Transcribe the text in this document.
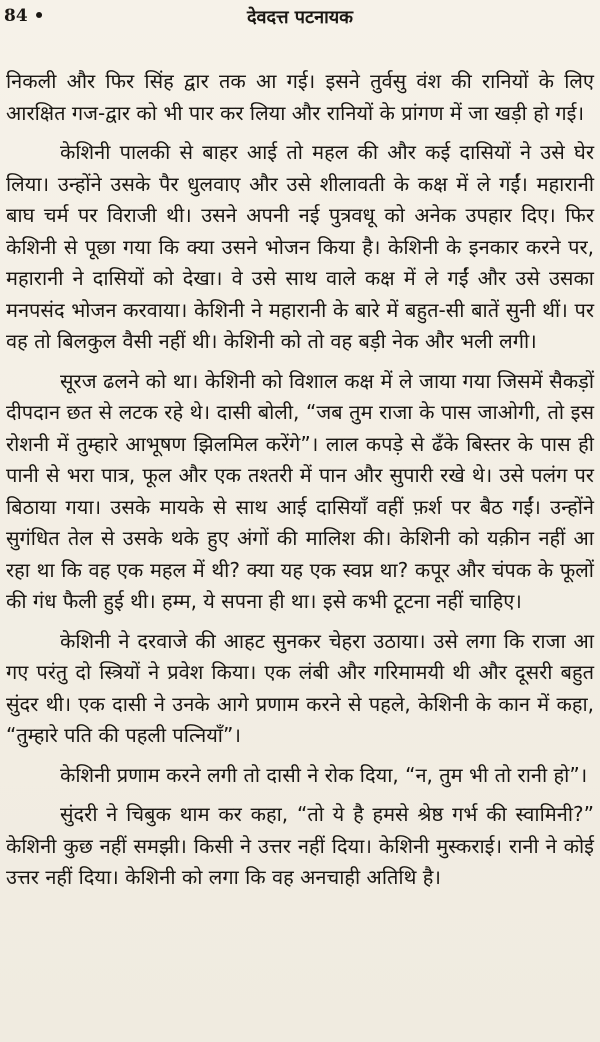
84 •	देवदत्त पटनायक

निकली और फिर सिंह द्वार तक आ गई। इसने तुर्वसु वंश की रानियों के लिए आरक्षित गज-द्वार को भी पार कर लिया और रानियों के प्रांगण में जा खड़ी हो गई।

केशिनी पालकी से बाहर आई तो महल की और कई दासियों ने उसे घेर लिया। उन्होंने उसके पैर धुलवाए और उसे शीलावती के कक्ष में ले गईं। महारानी बाघ चर्म पर विराजी थी। उसने अपनी नई पुत्रवधू को अनेक उपहार दिए। फिर केशिनी से पूछा गया कि क्या उसने भोजन किया है। केशिनी के इनकार करने पर, महारानी ने दासियों को देखा। वे उसे साथ वाले कक्ष में ले गईं और उसे उसका मनपसंद भोजन करवाया। केशिनी ने महारानी के बारे में बहुत-सी बातें सुनी थीं। पर वह तो बिलकुल वैसी नहीं थी। केशिनी को तो वह बड़ी नेक और भली लगी।

सूरज ढलने को था। केशिनी को विशाल कक्ष में ले जाया गया जिसमें सैकड़ों दीपदान छत से लटक रहे थे। दासी बोली, “जब तुम राजा के पास जाओगी, तो इस रोशनी में तुम्हारे आभूषण झिलमिल करेंगे”। लाल कपड़े से ढँके बिस्तर के पास ही पानी से भरा पात्र, फूल और एक तश्तरी में पान और सुपारी रखे थे। उसे पलंग पर बिठाया गया। उसके मायके से साथ आई दासियाँ वहीं फ़र्श पर बैठ गईं। उन्होंने सुगंधित तेल से उसके थके हुए अंगों की मालिश की। केशिनी को यक़ीन नहीं आ रहा था कि वह एक महल में थी? क्या यह एक स्वप्न था? कपूर और चंपक के फूलों की गंध फैली हुई थी। हम्म, ये सपना ही था। इसे कभी टूटना नहीं चाहिए।

केशिनी ने दरवाजे की आहट सुनकर चेहरा उठाया। उसे लगा कि राजा आ गए परंतु दो स्त्रियों ने प्रवेश किया। एक लंबी और गरिमामयी थी और दूसरी बहुत सुंदर थी। एक दासी ने उनके आगे प्रणाम करने से पहले, केशिनी के कान में कहा, “तुम्हारे पति की पहली पत्नियाँ”।

केशिनी प्रणाम करने लगी तो दासी ने रोक दिया, “न, तुम भी तो रानी हो”।

सुंदरी ने चिबुक थाम कर कहा, “तो ये है हमसे श्रेष्ठ गर्भ की स्वामिनी?” केशिनी कुछ नहीं समझी। किसी ने उत्तर नहीं दिया। केशिनी मुस्कराई। रानी ने कोई उत्तर नहीं दिया। केशिनी को लगा कि वह अनचाही अतिथि है।
